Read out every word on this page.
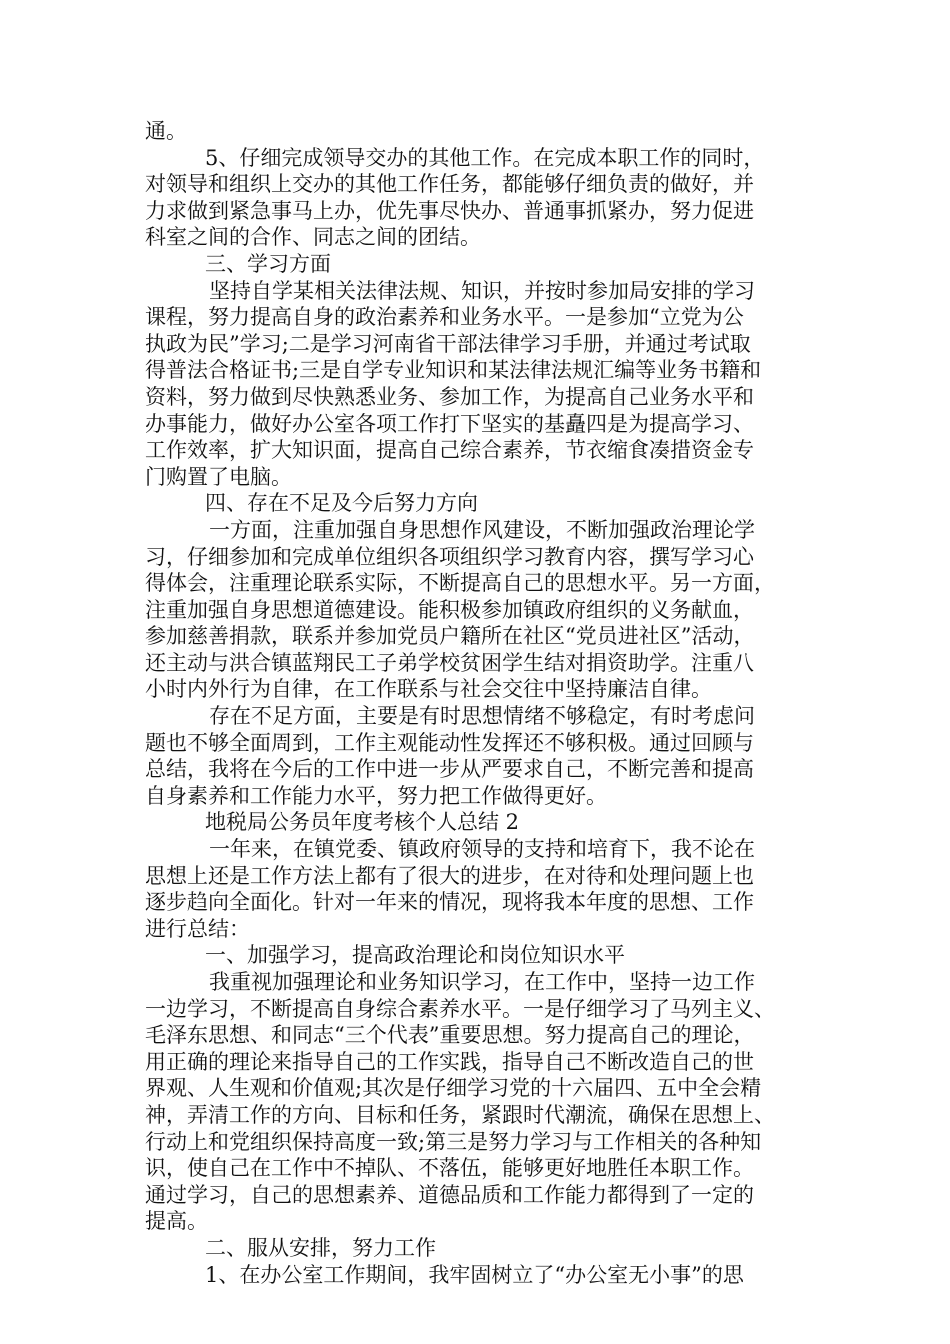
通。
5、仔细完成领导交办的其他工作。在完成本职工作的同时，
对领导和组织上交办的其他工作任务，都能够仔细负责的做好，并
力求做到紧急事马上办，优先事尽快办、普通事抓紧办，努力促进
科室之间的合作、同志之间的团结。
三、学习方面
坚持自学某相关法律法规、知识，并按时参加局安排的学习
课程，努力提高自身的政治素养和业务水平。一是参加“立党为公
执政为民”学习;二是学习河南省干部法律学习手册，并通过考试取
得普法合格证书;三是自学专业知识和某法律法规汇编等业务书籍和
资料，努力做到尽快熟悉业务、参加工作，为提高自己业务水平和
办事能力，做好办公室各项工作打下坚实的基矗四是为提高学习、
工作效率，扩大知识面，提高自己综合素养，节衣缩食凑措资金专
门购置了电脑。
四、存在不足及今后努力方向
一方面，注重加强自身思想作风建设，不断加强政治理论学
习，仔细参加和完成单位组织各项组织学习教育内容，撰写学习心
得体会，注重理论联系实际，不断提高自己的思想水平。另一方面，
注重加强自身思想道德建设。能积极参加镇政府组织的义务献血，
参加慈善捐款，联系并参加党员户籍所在社区“党员进社区”活动，
还主动与洪合镇蓝翔民工子弟学校贫困学生结对捐资助学。注重八
小时内外行为自律，在工作联系与社会交往中坚持廉洁自律。
存在不足方面，主要是有时思想情绪不够稳定，有时考虑问
题也不够全面周到，工作主观能动性发挥还不够积极。通过回顾与
总结，我将在今后的工作中进一步从严要求自己，不断完善和提高
自身素养和工作能力水平，努力把工作做得更好。
地税局公务员年度考核个人总结 2
一年来，在镇党委、镇政府领导的支持和培育下，我不论在
思想上还是工作方法上都有了很大的进步，在对待和处理问题上也
逐步趋向全面化。针对一年来的情况，现将我本年度的思想、工作
进行总结：
一、加强学习，提高政治理论和岗位知识水平
我重视加强理论和业务知识学习，在工作中，坚持一边工作
一边学习，不断提高自身综合素养水平。一是仔细学习了马列主义、
毛泽东思想、和同志“三个代表”重要思想。努力提高自己的理论，
用正确的理论来指导自己的工作实践，指导自己不断改造自己的世
界观、人生观和价值观;其次是仔细学习党的十六届四、五中全会精
神，弄清工作的方向、目标和任务，紧跟时代潮流，确保在思想上、
行动上和党组织保持高度一致;第三是努力学习与工作相关的各种知
识，使自己在工作中不掉队、不落伍，能够更好地胜任本职工作。
通过学习，自己的思想素养、道德品质和工作能力都得到了一定的
提高。
二、服从安排，努力工作
1、在办公室工作期间，我牢固树立了“办公室无小事”的思
